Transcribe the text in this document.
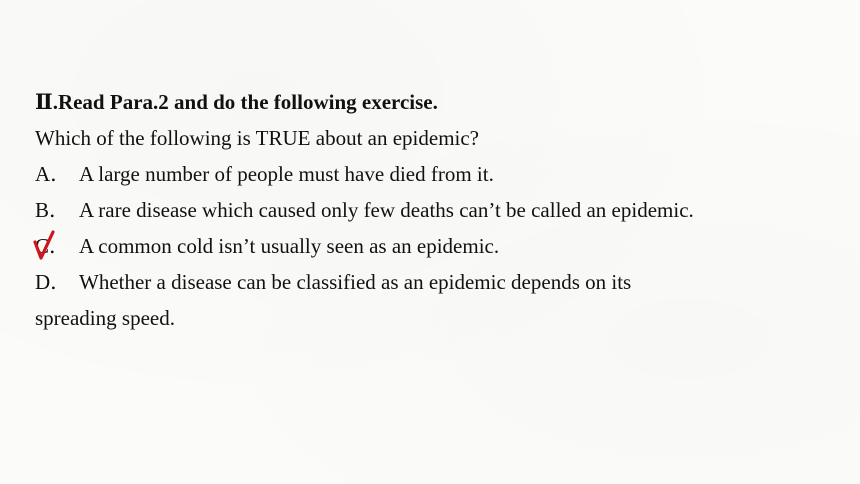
Ⅱ.Read Para.2 and do the following exercise.

Which of the following is TRUE about an epidemic?

A． A large number of people must have died from it.

B． A rare disease which caused only few deaths can’t be called an epidemic.

C． A common cold isn’t usually seen as an epidemic.

D． Whether a disease can be classified as an epidemic depends on its

spreading speed.
